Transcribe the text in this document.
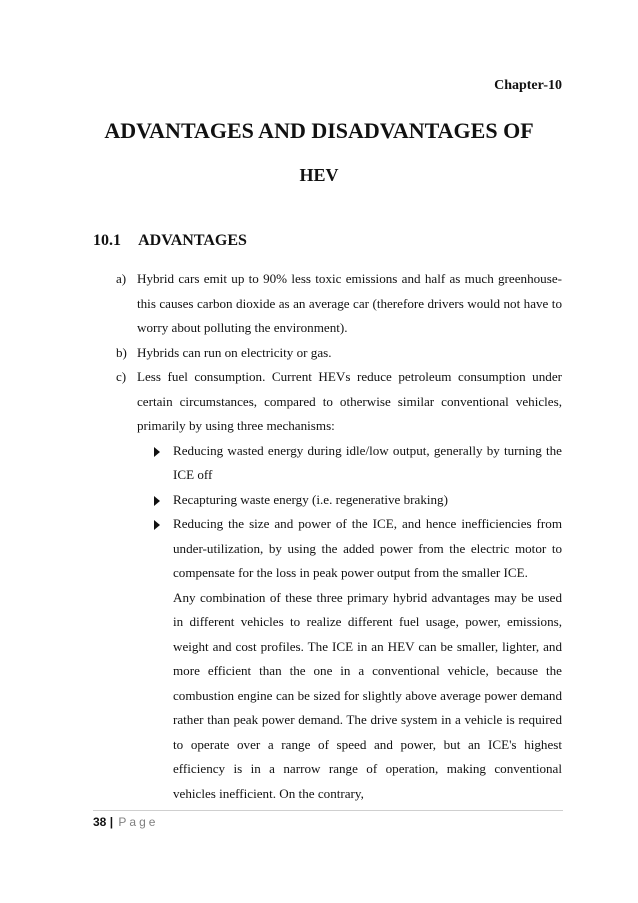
Chapter-10

ADVANTAGES AND DISADVANTAGES OF
HEV
10.1 ADVANTAGES
a) Hybrid cars emit up to 90% less toxic emissions and half as much greenhouse-this causes carbon dioxide as an average car (therefore drivers would not have to worry about polluting the environment).
b) Hybrids can run on electricity or gas.
c) Less fuel consumption. Current HEVs reduce petroleum consumption under certain circumstances, compared to otherwise similar conventional vehicles, primarily by using three mechanisms:
Reducing wasted energy during idle/low output, generally by turning the ICE off
Recapturing waste energy (i.e. regenerative braking)
Reducing the size and power of the ICE, and hence inefficiencies from under-utilization, by using the added power from the electric motor to compensate for the loss in peak power output from the smaller ICE.

Any combination of these three primary hybrid advantages may be used in different vehicles to realize different fuel usage, power, emissions, weight and cost profiles. The ICE in an HEV can be smaller, lighter, and more efficient than the one in a conventional vehicle, because the combustion engine can be sized for slightly above average power demand rather than peak power demand. The drive system in a vehicle is required to operate over a range of speed and power, but an ICE's highest efficiency is in a narrow range of operation, making conventional vehicles inefficient. On the contrary,

38 | Page
